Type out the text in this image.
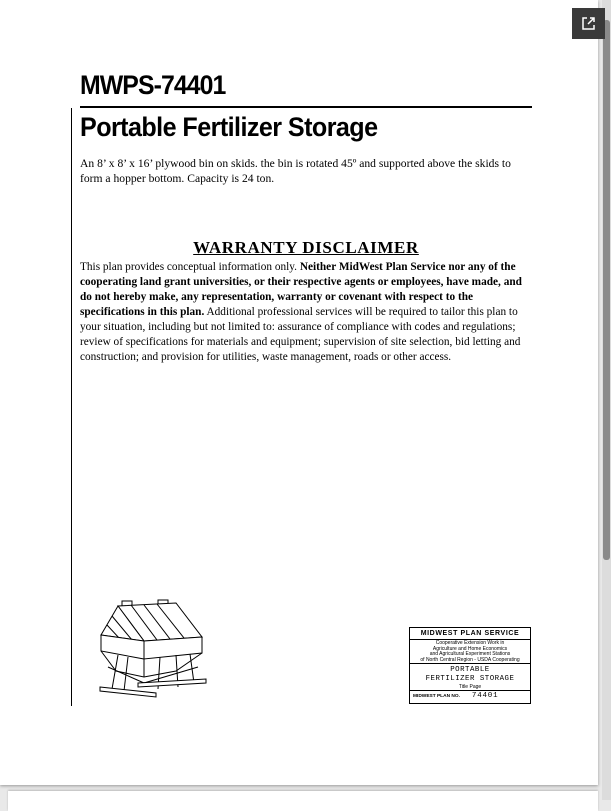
MWPS-74401
Portable Fertilizer Storage

An 8’ x 8’ x 16’ plywood bin on skids. the bin is rotated 45º and supported above the skids to form a hopper bottom. Capacity is 24 ton.

WARRANTY DISCLAIMER

This plan provides conceptual information only. Neither MidWest Plan Service nor any of the cooperating land grant universities, or their respective agents or employees, have made, and do not hereby make, any representation, warranty or covenant with respect to the specifications in this plan. Additional professional services will be required to tailor this plan to your situation, including but not limited to: assurance of compliance with codes and regulations; review of specifications for materials and equipment; supervision of site selection, bid letting and construction; and provision for utilities, waste management, roads or other access.

MIDWEST PLAN SERVICE
Cooperative Extension Work in
Agriculture and Home Economics
and Agricultural Experiment Stations
of North Central Region - USDA Cooperating
PORTABLE
FERTILIZER STORAGE
Title Page
MIDWEST PLAN NO. 74401
